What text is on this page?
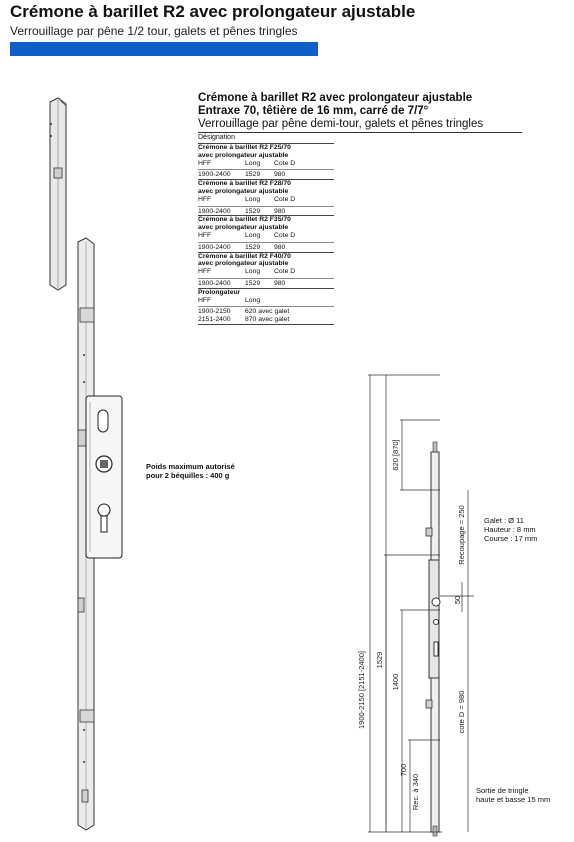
Crémone à barillet R2 avec prolongateur ajustable
Verrouillage par pêne 1/2 tour, galets et pênes tringles
Crémone à barillet R2 avec prolongateur ajustable
Entraxe 70, têtière de 16 mm, carré de 7/7°
Verrouillage par pêne demi-tour, galets et pênes tringles
Désignation
Crémone à barillet R2 F25/70
avec prolongateur ajustable
HFF	Long	Cote D
1900-2400	1529	980
Crémone à barillet R2 F28/70
avec prolongateur ajustable
HFF	Long	Cote D
1900-2400	1529	980
Crémone à barillet R2 F35/70
avec prolongateur ajustable
HFF	Long	Cote D
1900-2400	1529	980
Crémone à barillet R2 F40/70
avec prolongateur ajustable
HFF	Long	Cote D
1900-2400	1529	980
Prolongateur
HFF	Long
1900-2150	620 avec galet
2151-2400	870 avec galet
Poids maximum autorisé
pour 2 béquilles : 400 g
1900-2150 [2151-2400] 1529
620 [870]
1400
700
Rec. à 340
Recoupage = 250
50
cote D = 980
Galet : Ø 11
Hauteur : 8 mm
Course : 17 mm
Sortie de tringle
haute et basse 15 mm
